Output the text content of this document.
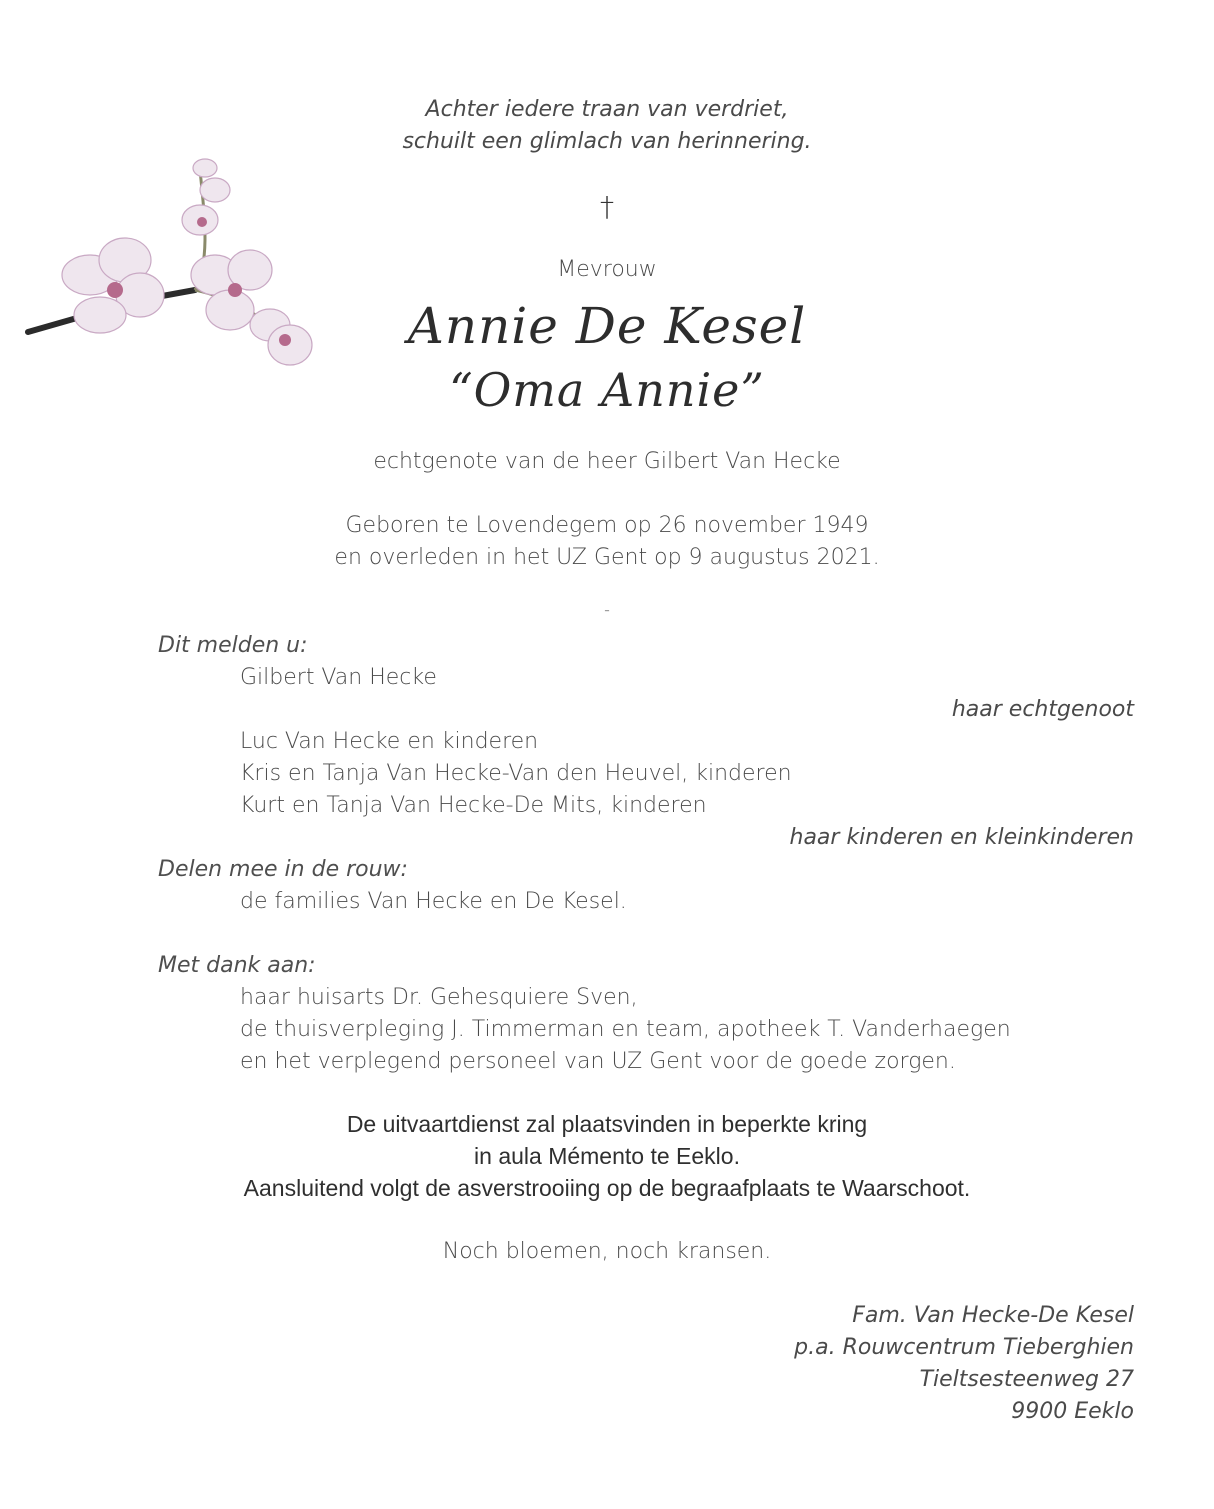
Achter iedere traan van verdriet,
schuilt een glimlach van herinnering.
†
Mevrouw
Annie De Kesel
“Oma Annie”
echtgenote van de heer Gilbert Van Hecke
Geboren te Lovendegem op 26 november 1949
en overleden in het UZ Gent op 9 augustus 2021.
-
Dit melden u:
Gilbert Van Hecke
haar echtgenoot
Luc Van Hecke en kinderen
Kris en Tanja Van Hecke-Van den Heuvel, kinderen
Kurt en Tanja Van Hecke-De Mits, kinderen
haar kinderen en kleinkinderen
Delen mee in de rouw:
de families Van Hecke en De Kesel.
Met dank aan:
haar huisarts Dr. Gehesquiere Sven,
de thuisverpleging J. Timmerman en team, apotheek T. Vanderhaegen
en het verplegend personeel van UZ Gent voor de goede zorgen.
De uitvaartdienst zal plaatsvinden in beperkte kring
in aula Mémento te Eeklo.
Aansluitend volgt de asverstrooiing op de begraafplaats te Waarschoot.
Noch bloemen, noch kransen.
Fam. Van Hecke-De Kesel
p.a. Rouwcentrum Tieberghien
Tieltsesteenweg 27
9900 Eeklo
